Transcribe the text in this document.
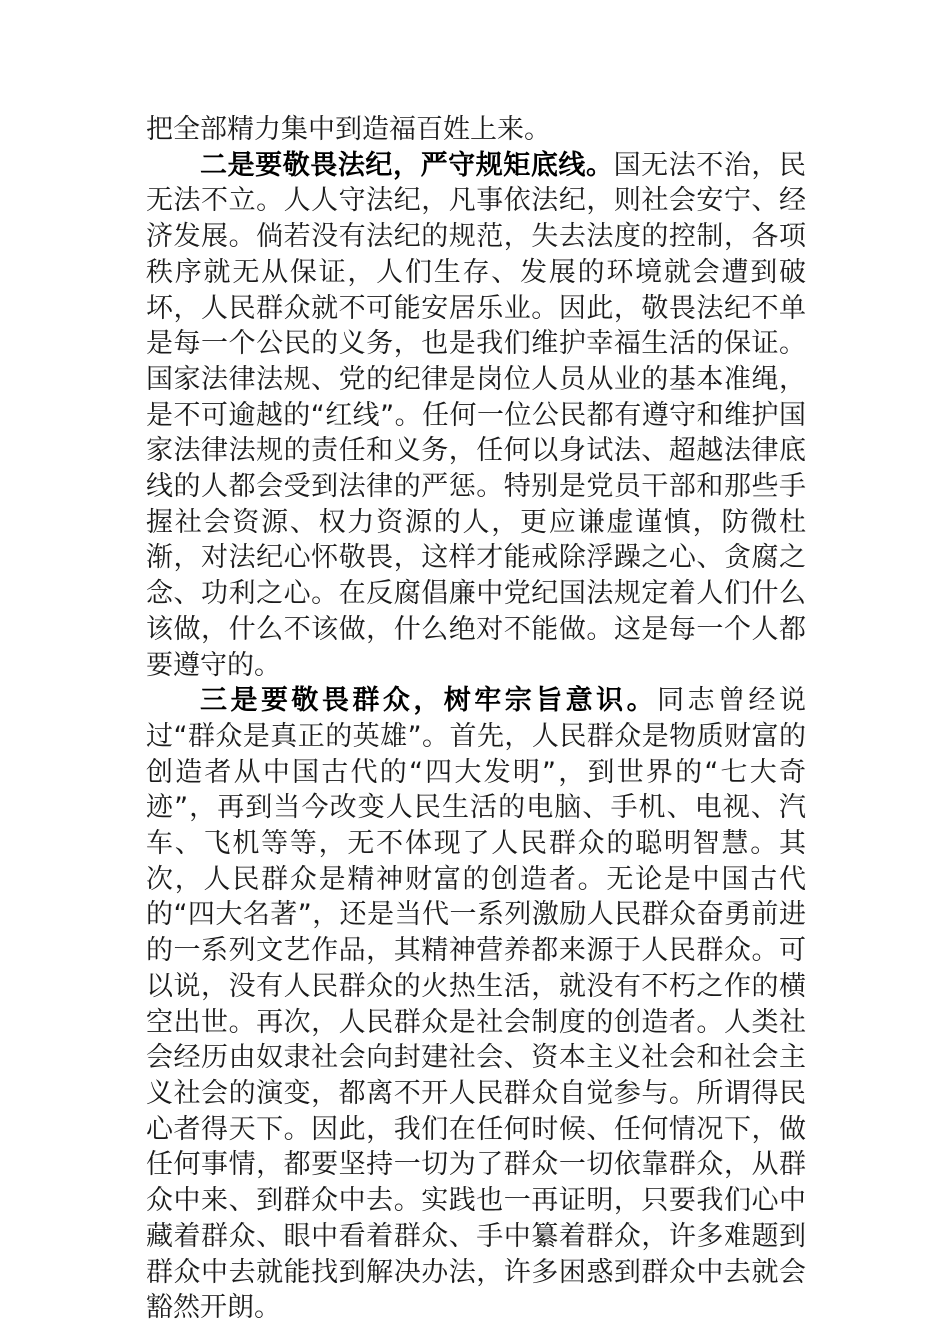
把全部精力集中到造福百姓上来。

二是要敬畏法纪，严守规矩底线。国无法不治，民无法不立。人人守法纪，凡事依法纪，则社会安宁、经济发展。倘若没有法纪的规范，失去法度的控制，各项秩序就无从保证，人们生存、发展的环境就会遭到破坏，人民群众就不可能安居乐业。因此，敬畏法纪不单是每一个公民的义务，也是我们维护幸福生活的保证。国家法律法规、党的纪律是岗位人员从业的基本准绳，是不可逾越的“红线”。任何一位公民都有遵守和维护国家法律法规的责任和义务，任何以身试法、超越法律底线的人都会受到法律的严惩。特别是党员干部和那些手握社会资源、权力资源的人，更应谦虚谨慎，防微杜渐，对法纪心怀敬畏，这样才能戒除浮躁之心、贪腐之念、功利之心。在反腐倡廉中党纪国法规定着人们什么该做，什么不该做，什么绝对不能做。这是每一个人都要遵守的。

三是要敬畏群众，树牢宗旨意识。同志曾经说过“群众是真正的英雄”。首先，人民群众是物质财富的创造者从中国古代的“四大发明”，到世界的“七大奇迹”，再到当今改变人民生活的电脑、手机、电视、汽车、飞机等等，无不体现了人民群众的聪明智慧。其次，人民群众是精神财富的创造者。无论是中国古代的“四大名著”，还是当代一系列激励人民群众奋勇前进的一系列文艺作品，其精神营养都来源于人民群众。可以说，没有人民群众的火热生活，就没有不朽之作的横空出世。再次，人民群众是社会制度的创造者。人类社会经历由奴隶社会向封建社会、资本主义社会和社会主义社会的演变，都离不开人民群众自觉参与。所谓得民心者得天下。因此，我们在任何时候、任何情况下，做任何事情，都要坚持一切为了群众一切依靠群众，从群众中来、到群众中去。实践也一再证明，只要我们心中藏着群众、眼中看着群众、手中纂着群众，许多难题到群众中去就能找到解决办法，许多困惑到群众中去就会豁然开朗。
